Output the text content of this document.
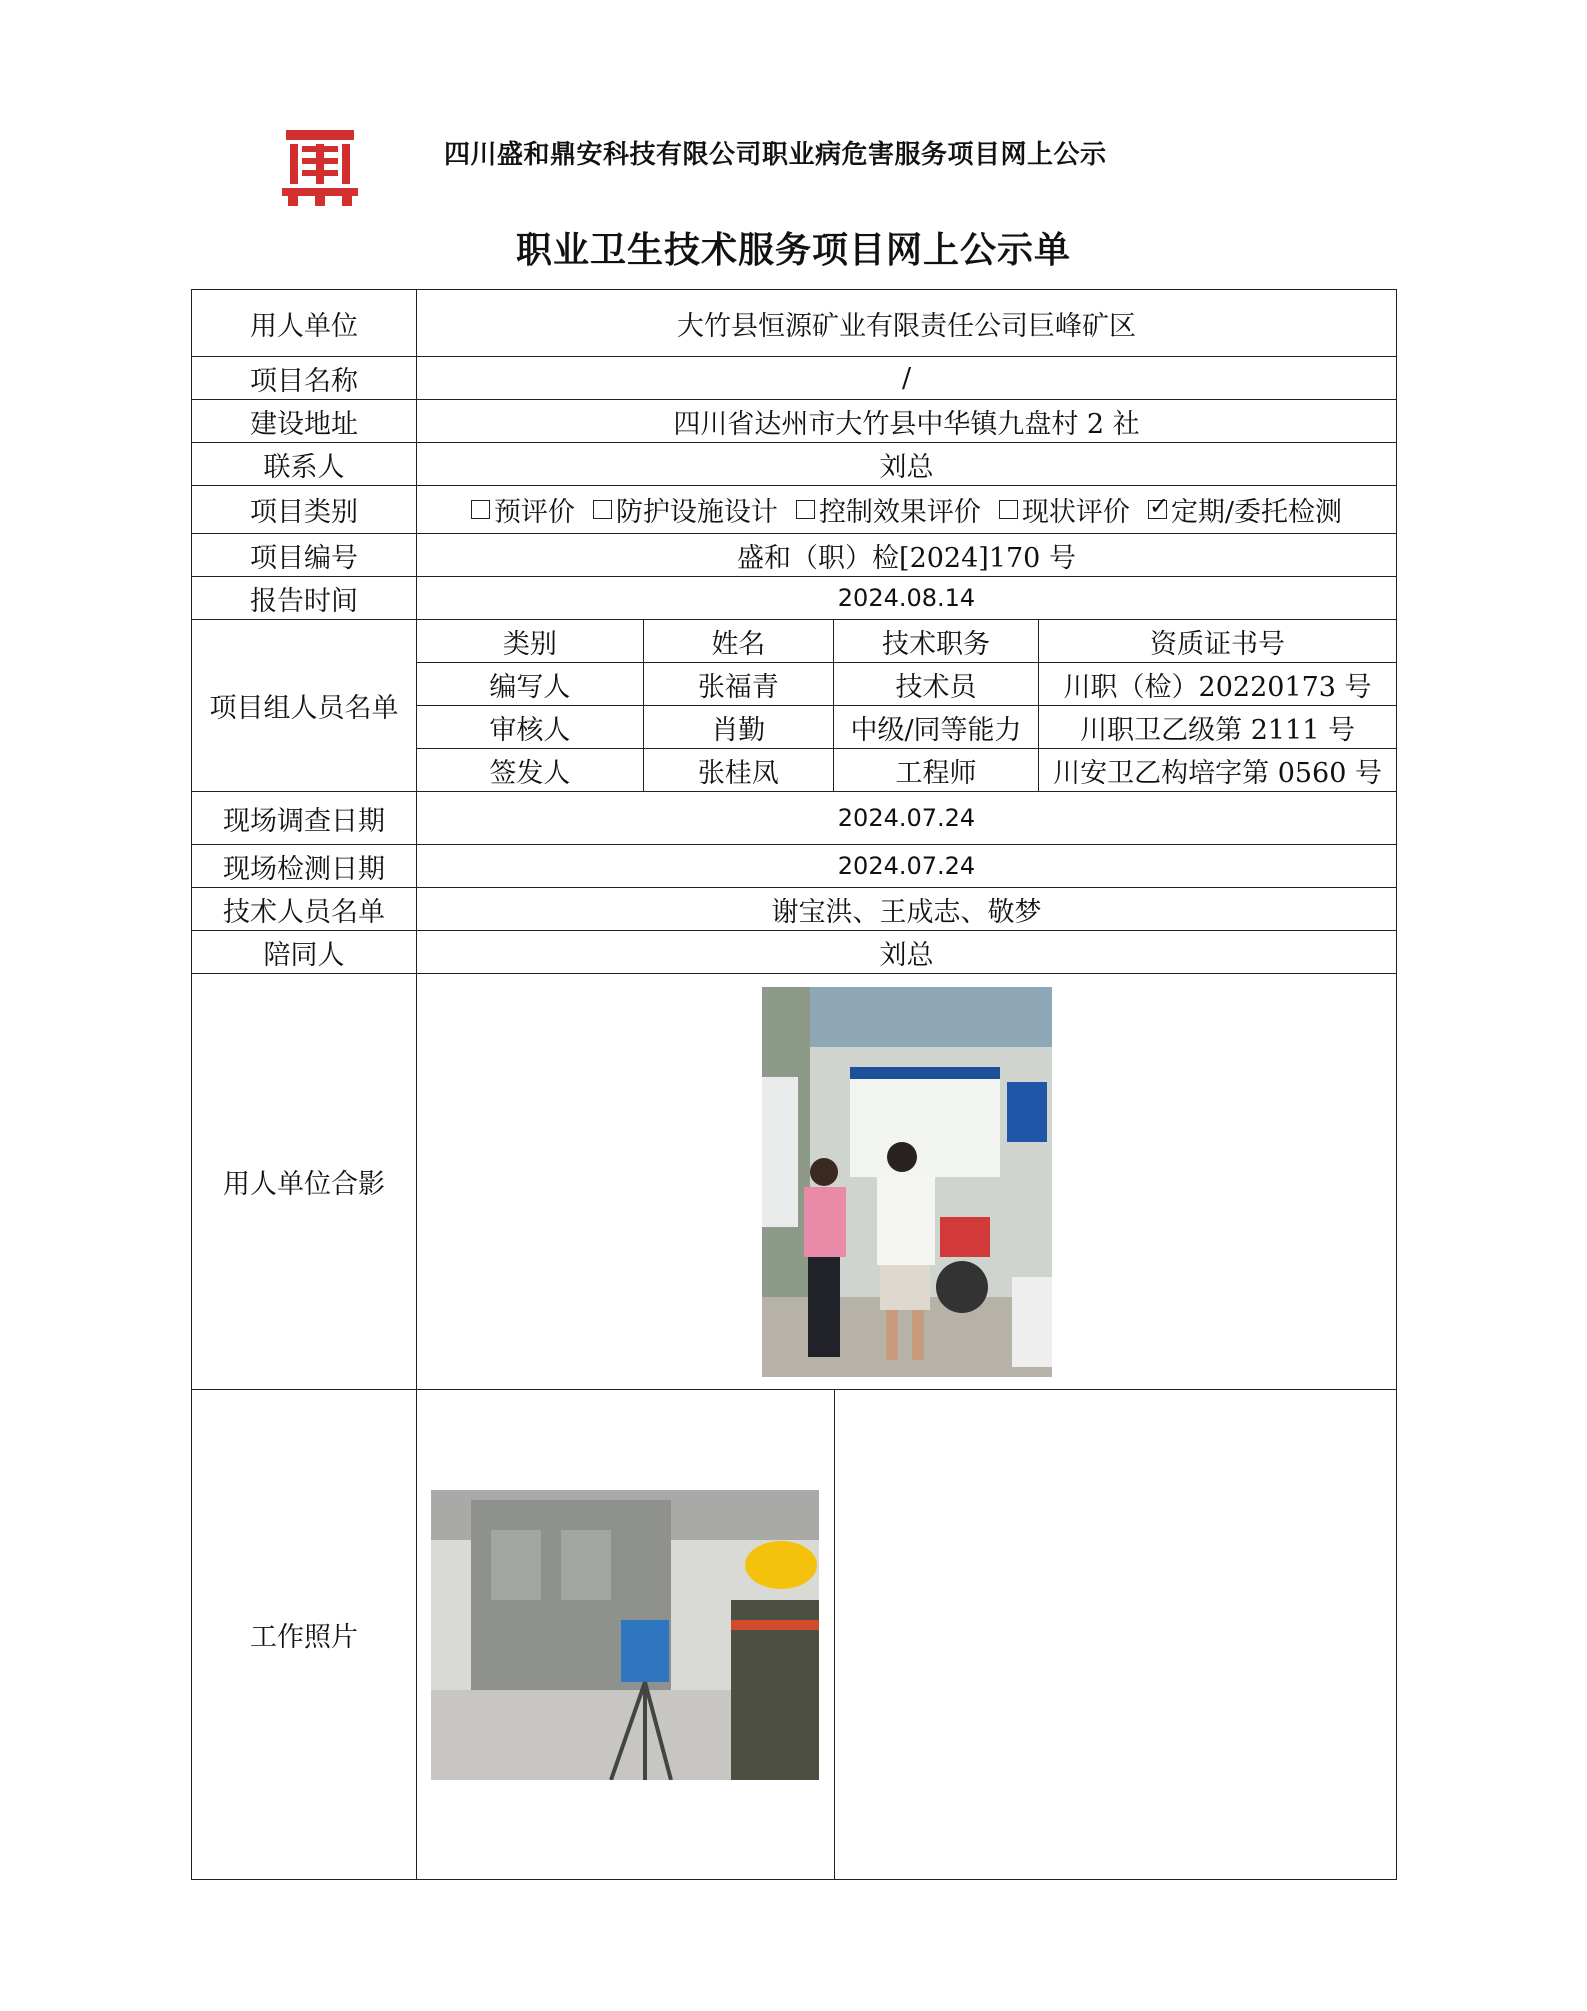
四川盛和鼎安科技有限公司职业病危害服务项目网上公示
职业卫生技术服务项目网上公示单
用人单位	大竹县恒源矿业有限责任公司巨峰矿区
项目名称	/
建设地址	四川省达州市大竹县中华镇九盘村 2 社
联系人	刘总
项目类别	预评价 防护设施设计 控制效果评价 现状评价
✓ 定期/委托检测

项目编号	盛和（职）检[2024]170 号
报告时间	2024.08.14
项目组人员名单	
类别	姓名	技术职务	资质证书号
编写人	张福青	技术员	川职（检）20220173 号
审核人	肖勤	中级/同等能力	川职卫乙级第 2111 号
签发人	张桂凤	工程师	川安卫乙构培字第 0560 号

现场调查日期	2024.07.24
现场检测日期	2024.07.24
技术人员名单	谢宝洪、王成志、敬梦
陪同人	刘总
用人单位合影	

工作照片	
